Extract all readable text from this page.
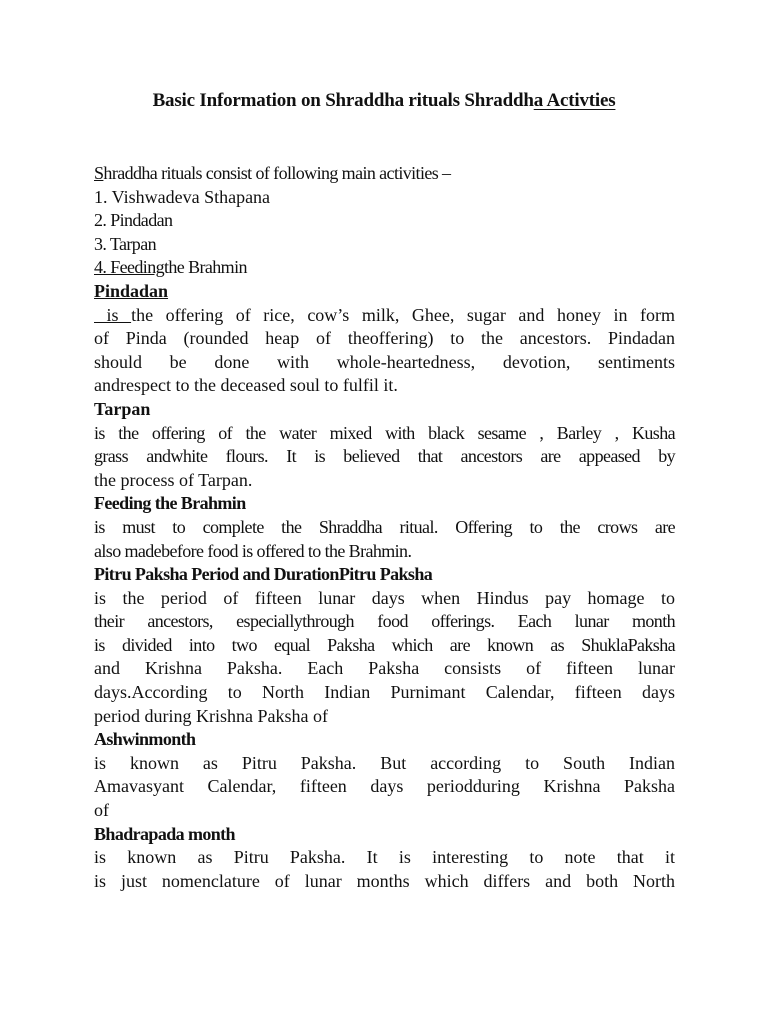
Basic Information on Shraddha rituals Shraddha Activties
Shraddha rituals consist of following main activities –
1. Vishwadeva Sthapana
2. Pindadan
3. Tarpan
4. Feedingthe Brahmin
Pindadan
is the offering of rice, cow’s milk, Ghee, sugar and honey in form
of Pinda (rounded heap of theoffering) to the ancestors. Pindadan
should be done with whole-heartedness, devotion, sentiments
andrespect to the deceased soul to fulfil it.
Tarpan
is the offering of the water mixed with black sesame , Barley , Kusha
grass andwhite flours. It is believed that ancestors are appeased by
the process of Tarpan.
Feeding the Brahmin
is must to complete the Shraddha ritual. Offering to the crows are
also madebefore food is offered to the Brahmin.
Pitru Paksha Period and DurationPitru Paksha
is the period of fifteen lunar days when Hindus pay homage to
their ancestors, especiallythrough food offerings. Each lunar month
is divided into two equal Paksha which are known as ShuklaPaksha
and Krishna Paksha. Each Paksha consists of fifteen lunar
days.According to North Indian Purnimant Calendar, fifteen days
period during Krishna Paksha of
Ashwinmonth
is known as Pitru Paksha. But according to South Indian
Amavasyant Calendar, fifteen days periodduring Krishna Paksha
of
Bhadrapada month
is known as Pitru Paksha. It is interesting to note that it
is just nomenclature of lunar months which differs and both North
